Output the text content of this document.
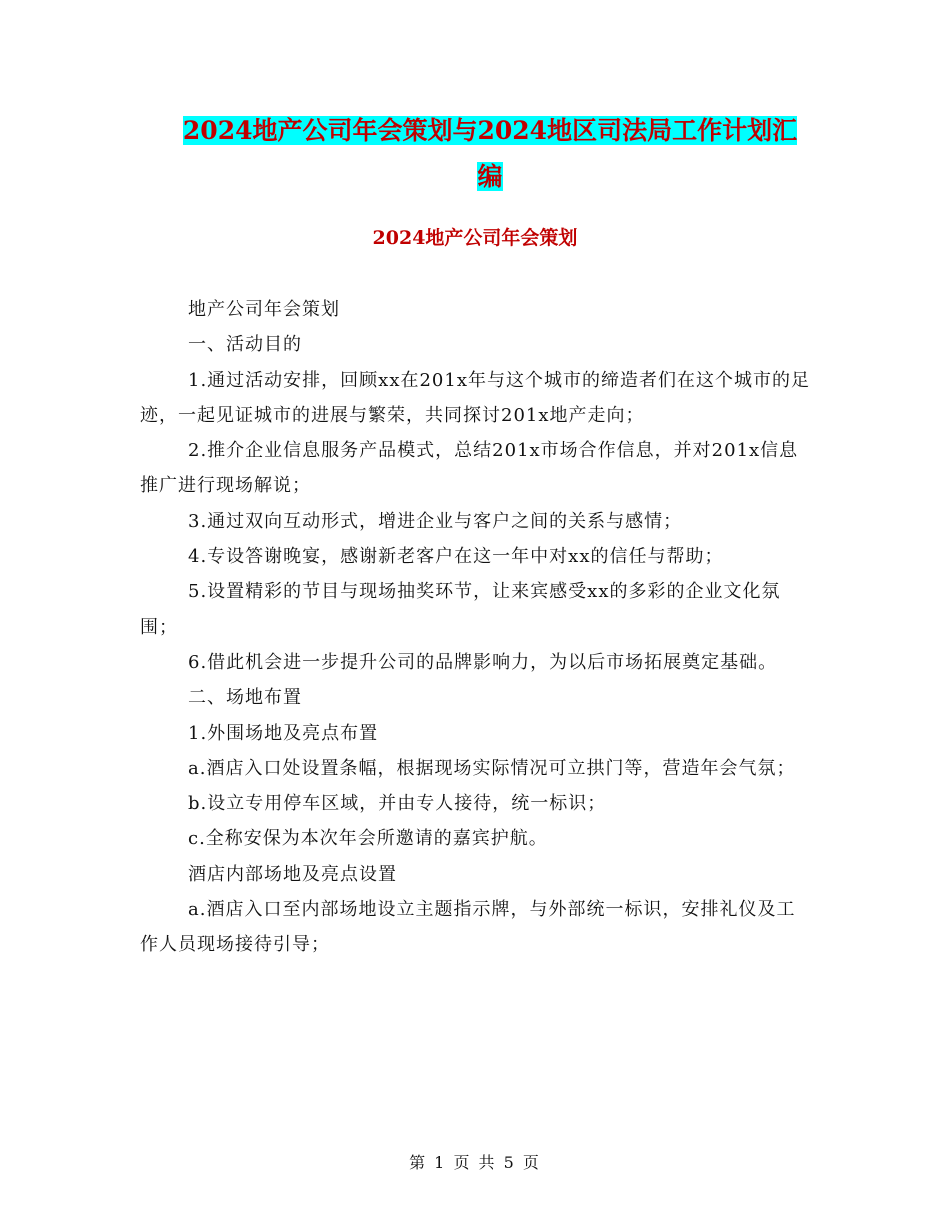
2024地产公司年会策划与2024地区司法局工作计划汇
编
2024地产公司年会策划

地产公司年会策划

一、活动目的

1.通过活动安排，回顾xx在201x年与这个城市的缔造者们在这个城市的足迹，一起见证城市的进展与繁荣，共同探讨201x地产走向；

2.推介企业信息服务产品模式，总结201x市场合作信息，并对201x信息推广进行现场解说；

3.通过双向互动形式，增进企业与客户之间的关系与感情；

4.专设答谢晚宴，感谢新老客户在这一年中对xx的信任与帮助；

5.设置精彩的节目与现场抽奖环节，让来宾感受xx的多彩的企业文化氛围；

6.借此机会进一步提升公司的品牌影响力，为以后市场拓展奠定基础。

二、场地布置

1.外围场地及亮点布置

a.酒店入口处设置条幅，根据现场实际情况可立拱门等，营造年会气氛；

b.设立专用停车区域，并由专人接待，统一标识；

c.全称安保为本次年会所邀请的嘉宾护航。

酒店内部场地及亮点设置

a.酒店入口至内部场地设立主题指示牌，与外部统一标识，安排礼仪及工作人员现场接待引导；

第 1 页 共 5 页
